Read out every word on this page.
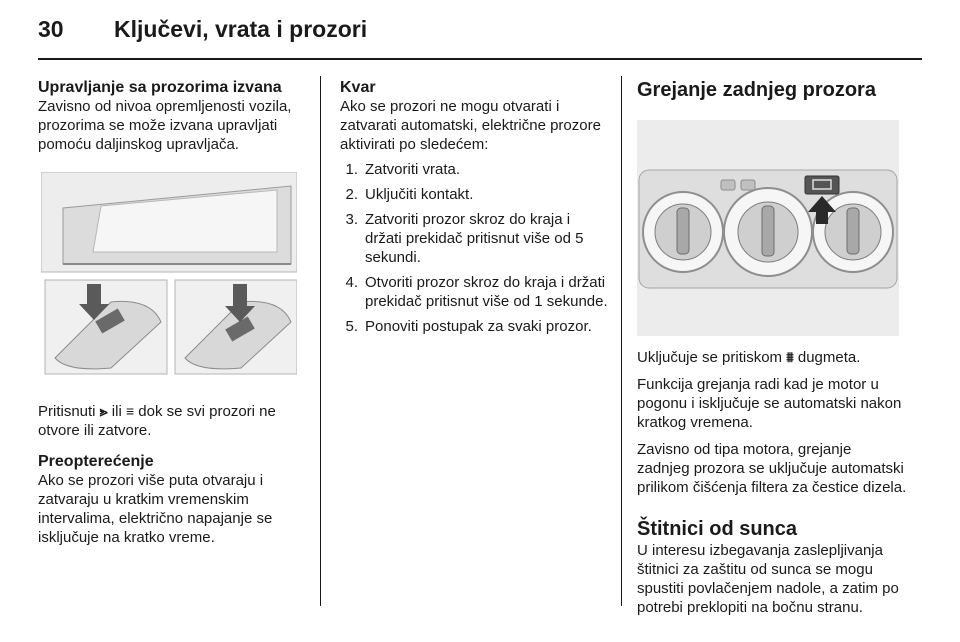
30	Ključevi, vrata i prozori
Upravljanje sa prozorima izvana
Zavisno od nivoa opremljenosti vozila, prozorima se može izvana upravljati pomoću daljinskog upravljača.
Pritisnuti ⪢ ili ≡ dok se svi prozori ne otvore ili zatvore.
Preopterećenje
Ako se prozori više puta otvaraju i zatvaraju u kratkim vremenskim intervalima, električno napajanje se isključuje na kratko vreme.
Kvar
Ako se prozori ne mogu otvarati i zatvarati automatski, električne prozore aktivirati po sledećem:
1. Zatvoriti vrata.
2. Uključiti kontakt.
3. Zatvoriti prozor skroz do kraja i držati prekidač pritisnut više od 5 sekundi.
4. Otvoriti prozor skroz do kraja i držati prekidač pritisnut više od 1 sekunde.
5. Ponoviti postupak za svaki prozor.
Grejanje zadnjeg prozora
Uključuje se pritiskom ⩩ dugmeta.
Funkcija grejanja radi kad je motor u pogonu i isključuje se automatski nakon kratkog vremena.
Zavisno od tipa motora, grejanje zadnjeg prozora se uključuje automatski prilikom čišćenja filtera za čestice dizela.
Štitnici od sunca
U interesu izbegavanja zaslepljivanja štitnici za zaštitu od sunca se mogu spustiti povlačenjem nadole, a zatim po potrebi preklopiti na bočnu stranu.
